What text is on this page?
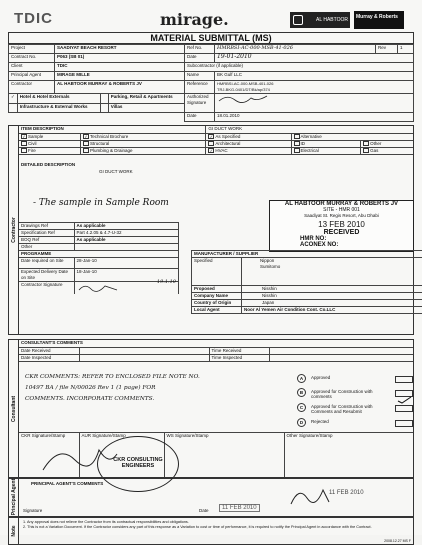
TDIC	mirage.	AL HABTOOR	Murray & Roberts
MATERIAL SUBMITTAL (MS)
Project	SAADIYAT BEACH RESORT	Ref No.	HMRBSI-AC-000-MSB-41-026	Rev	1
Contract No.	P063 (SB 01)	Date	19-01-2010
Client	TDIC	Subcontractor (if applicable)
Principal Agent	MIRAGE MILLE	Name	BK Gulf LLC
Contractor	AL HABTOOR MURRAY & ROBERTS JV	Reference	HMRBSI-AC-000-MSB-401-026
TRJ-BKG-0401/DT/Bk/ap/374

✓	Hotel & Hotel Externals		Parking, Retail & Apartments
	Infrastructure & External Works		Villas
	Authorized Signature	
	Date	18.01.2010
Contractor
ITEM DESCRIPTION		GI DUCT WORK		
✓ Sample	✓ Technical Brochure	✓ As Specified	Alternative	
Civil	Structural	Architectural	ID	Other
Fire	Plumbing & Drainage	✓ HVAC	Electrical	Gas
DETAILED DESCRIPTION
GI DUCT WORK
- The sample in Sample Room	AL HABTOOR MURRAY & ROBERTS JV
SITE - HMR 001
Saadiyat St. Regis Resort, Abu Dhabi
13 FEB 2010
RECEIVED
HMR NO:
ACONEX NO:
Drawings Ref	As applicable
Specification Ref	Part 4.2.05 & 4.7-U-32
BOQ Ref	As applicable
Other	
PROGRAMME	
Date required on Site	28-Jan-10
Expected Delivery Date on Site	18-Jan-10
Contractor Signature	19.1.10
MANUFACTURER / SUPPLIER	
Specified	Nippon
Sumitomo

Proposed	Nisshin
Company Name	Nisshin
Country of Origin	Japan
Local Agent	Noor Al Yemen Air Condition Cont. Co.LLC
Consultant
CONSULTANT'S COMMENTS			
Date Received		Time Received	
Date Inspected		Time Inspected	
CKR COMMENTS: REFER TO ENCLOSED FILE NOTE NO.
10497 BA / file N/00026 Rev 1 (1 page) FOR
COMMENTS. INCORPORATE COMMENTS.
A Approved
B Approved for Construction with comments
C Approved for Construction with Comments and Resubmit
D Rejected
CKR Signature/Stamp	AUR Signature/Stamp	WS Signature/Stamp	Other Signature/Stamp
CKR CONSULTING ENGINEERS
Principal Agent	PRINCIPAL AGENT'S COMMENTS
Signature	Date	11 FEB 2010
11 FEB 2010
Note
1. Any approval does not relieve the Contractor from its contractual responsibilities and obligations.
2. This is not a Variation Document. If the Contractor considers any part of this response as a Variation to cost or time of performance, it is required to notify the Principal Agent in accordance with the Contract.
2008.12.27 MS F
